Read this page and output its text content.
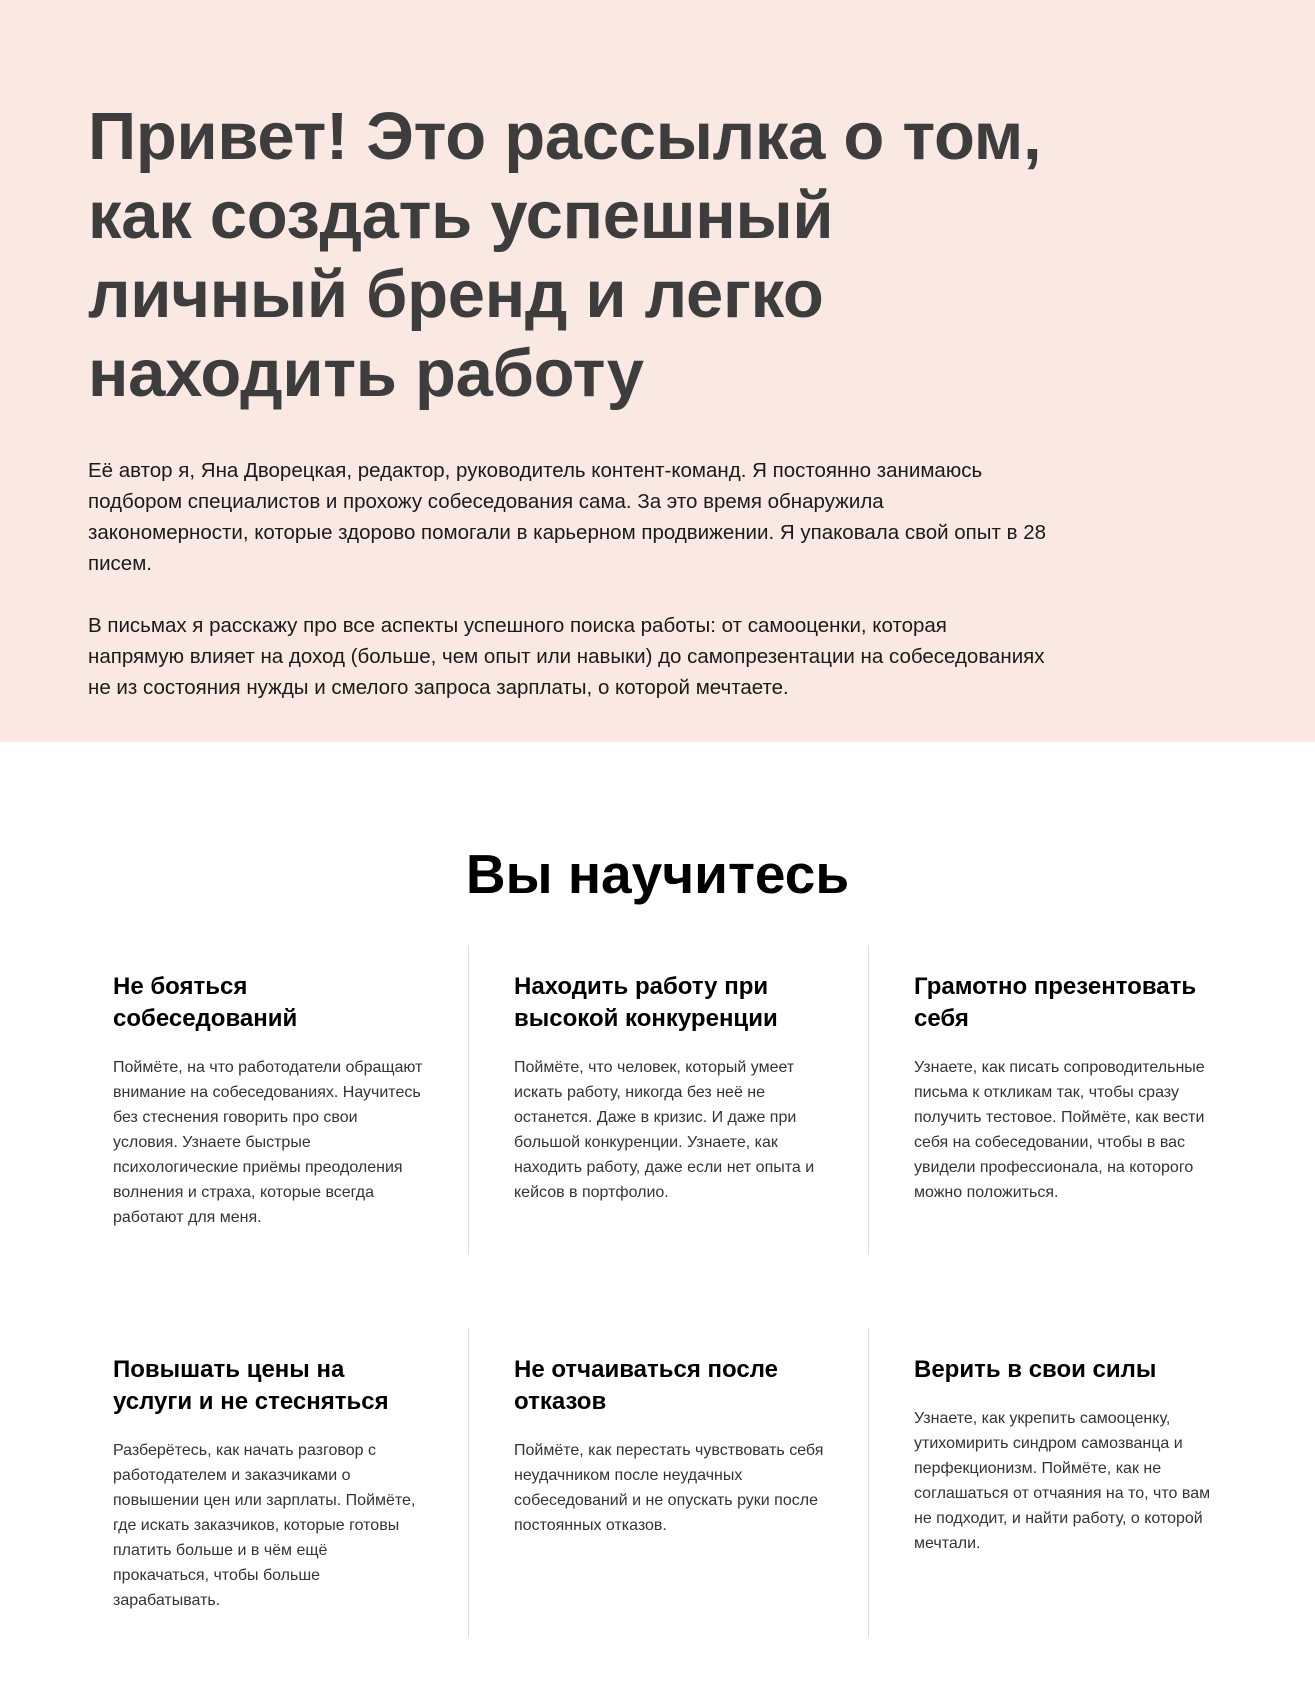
Привет! Это рассылка о том, как создать успешный личный бренд и легко находить работу

Её автор я, Яна Дворецкая, редактор, руководитель контент-команд. Я постоянно занимаюсь подбором специалистов и прохожу собеседования сама. За это время обнаружила закономерности, которые здорово помогали в карьерном продвижении. Я упаковала свой опыт в 28 писем.

В письмах я расскажу про все аспекты успешного поиска работы: от самооценки, которая напрямую влияет на доход (больше, чем опыт или навыки) до самопрезентации на собеседованиях не из состояния нужды и смелого запроса зарплаты, о которой мечтаете.

Вы научитесь
Не бояться собеседований

Поймёте, на что работодатели обращают внимание на собеседованиях. Научитесь без стеснения говорить про свои условия. Узнаете быстрые психологические приёмы преодоления волнения и страха, которые всегда работают для меня.

Находить работу при высокой конкуренции

Поймёте, что человек, который умеет искать работу, никогда без неё не останется. Даже в кризис. И даже при большой конкуренции. Узнаете, как находить работу, даже если нет опыта и кейсов в портфолио.

Грамотно презентовать себя

Узнаете, как писать сопроводительные письма к откликам так, чтобы сразу получить тестовое. Поймёте, как вести себя на собеседовании, чтобы в вас увидели профессионала, на которого можно положиться.

Повышать цены на услуги и не стесняться

Разберётесь, как начать разговор с работодателем и заказчиками о повышении цен или зарплаты. Поймёте, где искать заказчиков, которые готовы платить больше и в чём ещё прокачаться, чтобы больше зарабатывать.

Не отчаиваться после отказов

Поймёте, как перестать чувствовать себя неудачником после неудачных собеседований и не опускать руки после постоянных отказов.

Верить в свои силы

Узнаете, как укрепить самооценку, утихомирить синдром самозванца и перфекционизм. Поймёте, как не соглашаться от отчаяния на то, что вам не подходит, и найти работу, о которой мечтали.
